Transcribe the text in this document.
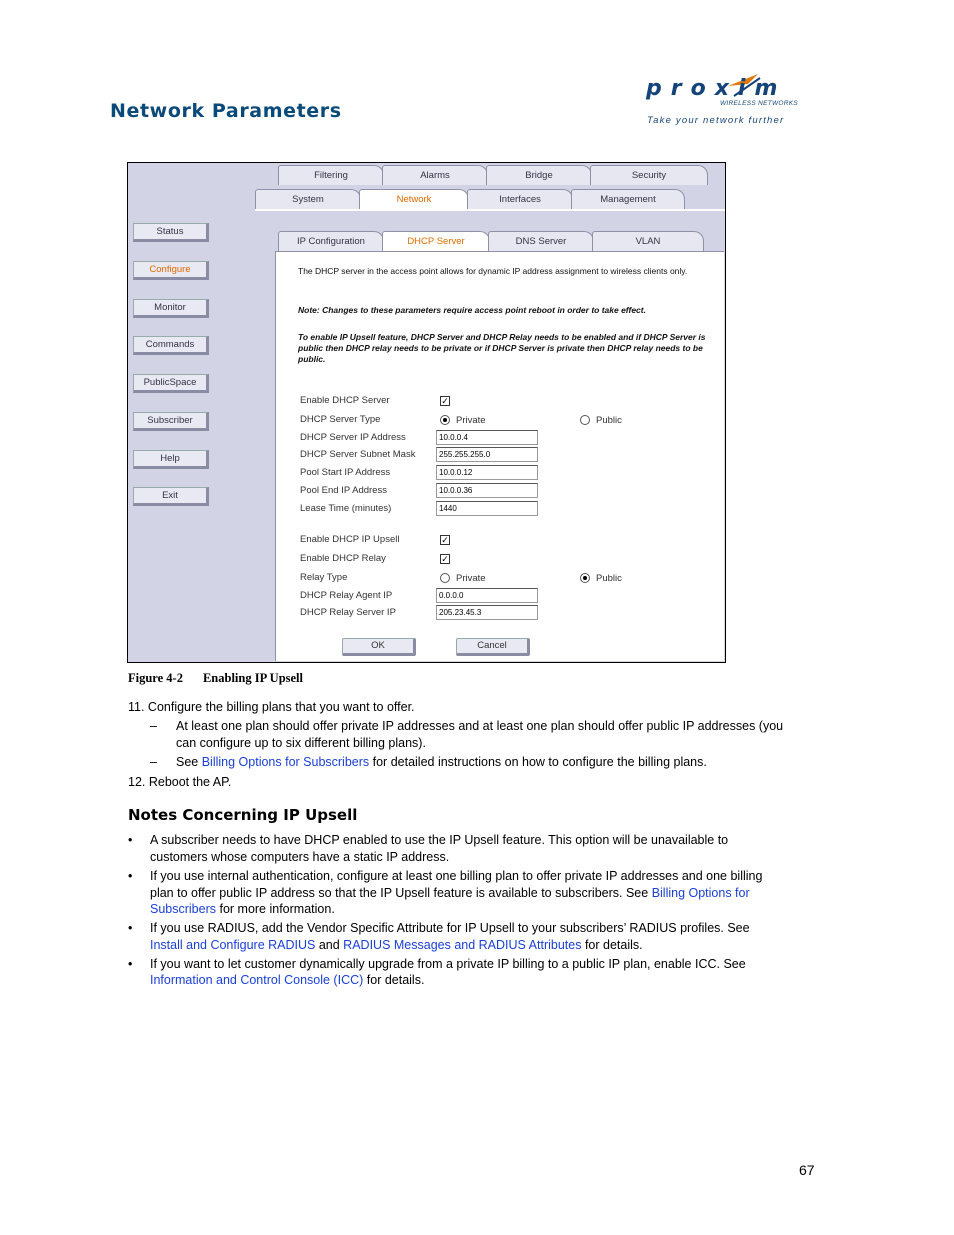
Network Parameters
proxim
WIRELESS NETWORKS
Take your network further
Filtering	Alarms	Bridge	Security
System	Network	Interfaces	Management
Status
Configure
Monitor
Commands
PublicSpace
Subscriber
Help
Exit
IP Configuration	DHCP Server	DNS Server	VLAN
The DHCP server in the access point allows for dynamic IP address assignment to wireless clients only.
Note: Changes to these parameters require access point reboot in order to take effect.
To enable IP Upsell feature, DHCP Server and DHCP Relay needs to be enabled and if DHCP Server is public then DHCP relay needs to be private or if DHCP Server is private then DHCP relay needs to be public.
Enable DHCP Server	✓
DHCP Server Type	Private	Public
DHCP Server IP Address	10.0.0.4
DHCP Server Subnet Mask	255.255.255.0
Pool Start IP Address	10.0.0.12
Pool End IP Address	10.0.0.36
Lease Time (minutes)	1440
Enable DHCP IP Upsell	✓
Enable DHCP Relay	✓
Relay Type	Private	Public
DHCP Relay Agent IP	0.0.0.0
DHCP Relay Server IP	205.23.45.3
OK	Cancel
Figure 4-2 Enabling IP Upsell
11. Configure the billing plans that you want to offer.
– At least one plan should offer private IP addresses and at least one plan should offer public IP addresses (you
can configure up to six different billing plans).
– See Billing Options for Subscribers for detailed instructions on how to configure the billing plans.
12. Reboot the AP.
Notes Concerning IP Upsell
• A subscriber needs to have DHCP enabled to use the IP Upsell feature. This option will be unavailable to
customers whose computers have a static IP address.
• If you use internal authentication, configure at least one billing plan to offer private IP addresses and one billing
plan to offer public IP address so that the IP Upsell feature is available to subscribers. See Billing Options for
Subscribers for more information.
• If you use RADIUS, add the Vendor Specific Attribute for IP Upsell to your subscribers’ RADIUS profiles. See
Install and Configure RADIUS and RADIUS Messages and RADIUS Attributes for details.
• If you want to let customer dynamically upgrade from a private IP billing to a public IP plan, enable ICC. See
Information and Control Console (ICC) for details.
67
